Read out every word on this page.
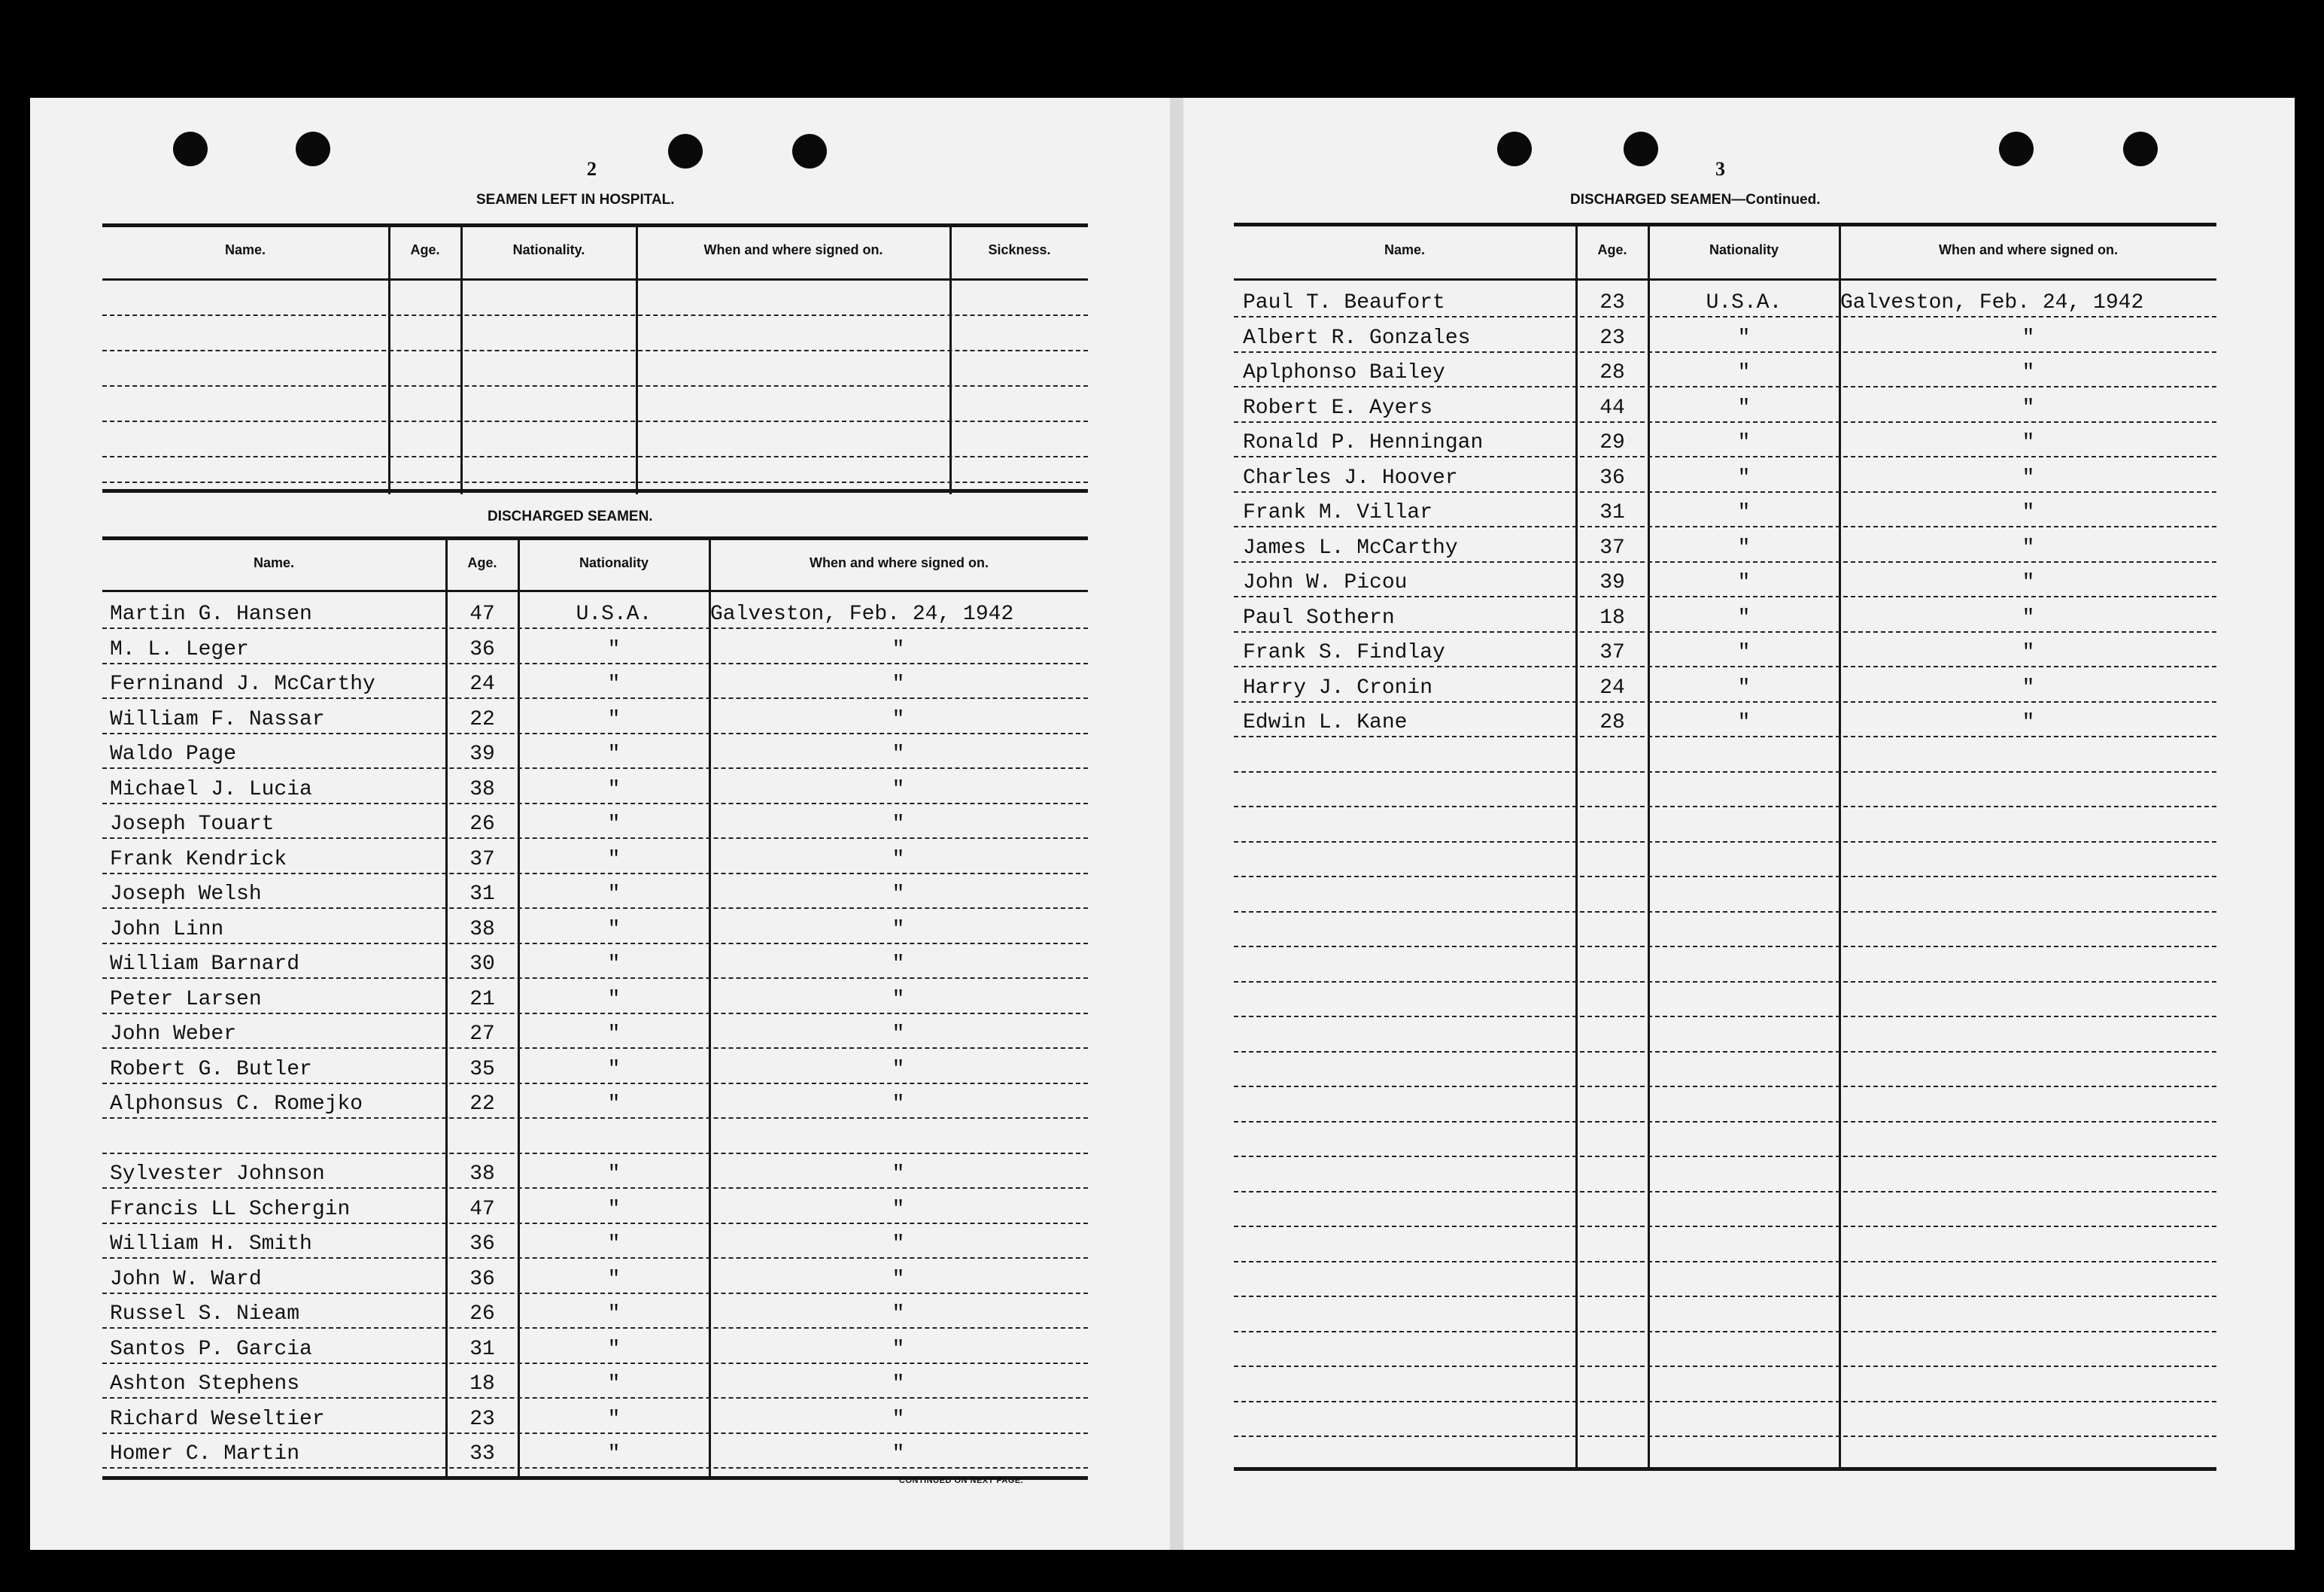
2
SEAMEN LEFT IN HOSPITAL.
Name.	Age.	Nationality.	When and where signed on.	Sickness.
DISCHARGED SEAMEN.
Name.	Age.	Nationality	When and where signed on.
Martin G. Hansen	47	U.S.A.	Galveston, Feb. 24, 1942
M. L. Leger	36	"	"
Ferninand J. McCarthy	24	"	"
William F. Nassar	22	"	"
Waldo Page	39	"	"
Michael J. Lucia	38	"	"
Joseph Touart	26	"	"
Frank Kendrick	37	"	"
Joseph Welsh	31	"	"
John Linn	38	"	"
William Barnard	30	"	"
Peter Larsen	21	"	"
John Weber	27	"	"
Robert G. Butler	35	"	"
Alphonsus C. Romejko	22	"	"
Sylvester Johnson	38	"	"
Francis LL Schergin	47	"	"
William H. Smith	36	"	"
John W. Ward	36	"	"
Russel S. Nieam	26	"	"
Santos P. Garcia	31	"	"
Ashton Stephens	18	"	"
Richard Weseltier	23	"	"
Homer C. Martin	33	"	"
CONTINUED ON NEXT PAGE.
3
DISCHARGED SEAMEN—Continued.
Name.	Age.	Nationality	When and where signed on.
Paul T. Beaufort	23	U.S.A.	Galveston, Feb. 24, 1942
Albert R. Gonzales	23	"	"
Aplphonso Bailey	28	"	"
Robert E. Ayers	44	"	"
Ronald P. Henningan	29	"	"
Charles J. Hoover	36	"	"
Frank M. Villar	31	"	"
James L. McCarthy	37	"	"
John W. Picou	39	"	"
Paul Sothern	18	"	"
Frank S. Findlay	37	"	"
Harry J. Cronin	24	"	"
Edwin L. Kane	28	"	"
